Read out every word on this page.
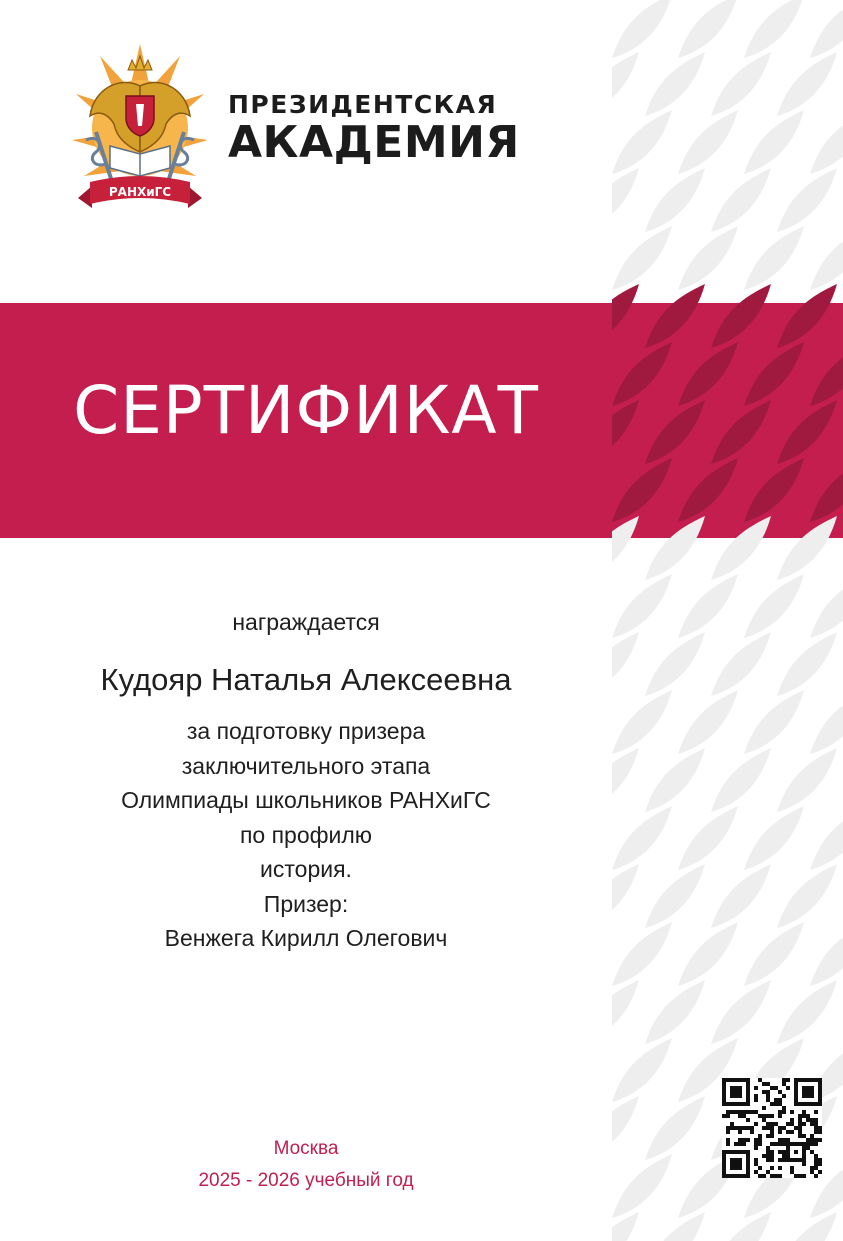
РАНХиГС
ПРЕЗИДЕНТСКАЯ
АКАДЕМИЯ
СЕРТИФИКАТ
награждается
Кудояр Наталья Алексеевна
за подготовку призера
заключительного этапа
Олимпиады школьников РАНХиГС
по профилю
история.
Призер:
Венжега Кирилл Олегович
Москва
2025 - 2026 учебный год
